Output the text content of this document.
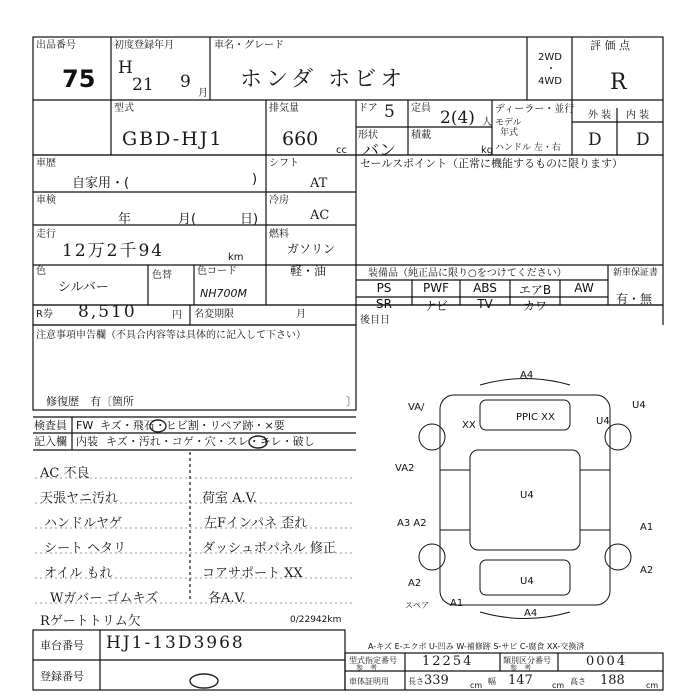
出品番号
75
初度登録年月
H
21 9
月
車名・グレード
ホンダ ホビオ
2WD
・
4WD
評 価 点
R
型式
GBD-HJ1
排気量
660
cc
ドア 5 定員 2(4) 人
形状
バン
積載
kg
ディーラー・並行
モデル
年式
ハンドル 左・右
外 装 内 装
D D
車歴
自家用・(	)
シフト
AT
セールスポイント（正常に機能するものに限ります）
車検
年	月(	日)
冷房
AC
走行
12万2千94	km
燃料
ガソリン
軽・油
色
シルバー
色替	色コード
NH700M
装備品（純正品に限り○をつけてください）	新車保証書
有・無
PS	PWF	ABS	エアB	AW
SR	ナビ	TV	カワ
R券 8,510	円 名変期限	月
後目日
注意事項申告欄（不具合内容等は具体的に記入して下さい）
修復歴　有〔箇所	〕
検査員
記入欄
FW キズ・飛石・ヒビ割・リペア跡・×要
内装 キズ・汚れ・コゲ・穴・スレ・キレ・破し
AC 不良
天張ヤニ汚れ
ハンドルヤゲ
シート ヘタリ
オイル もれ
Wガバー ゴムキズ
Rゲートトリム欠
荷室 A.V.
左Fインパネ 歪れ
ダッシュボパネル 修正
コアサポート XX
各A.V.
0/22942km
A4
VA/
XX
PPIC XX
U4
U4
VA2
U4
A3 A2	A1
A2
U4
A2
A1
A4
スペア
A-キズ E-エクボ U-凹み W-補修跡 S-サビ C-腐食 XX-交換済
車台番号 HJ1-13D3968
登録番号
型式指定番号
参　考	12254	類別区分番号
参　考	0004
車体証明用 長さ 339	cm 幅 147 cm 高さ 188	cm
